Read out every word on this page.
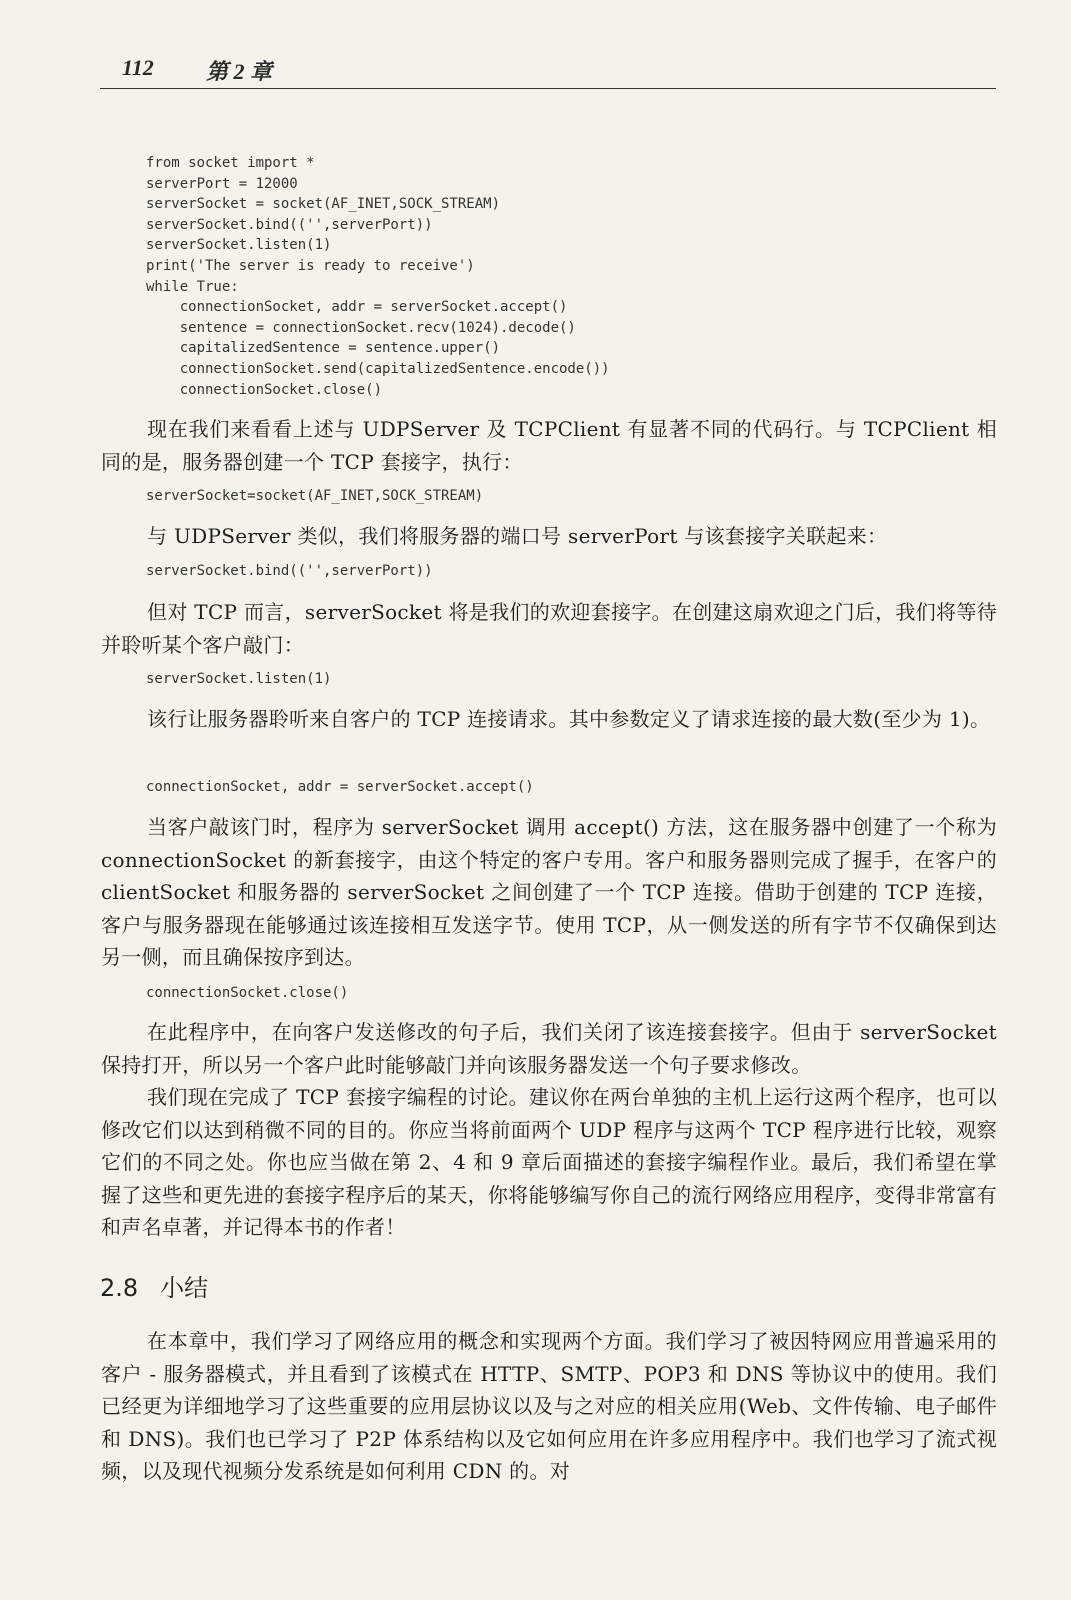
112 第 2 章
from socket import *
serverPort = 12000
serverSocket = socket(AF_INET,SOCK_STREAM)
serverSocket.bind(('',serverPort))
serverSocket.listen(1)
print('The server is ready to receive')
while True:
connectionSocket, addr = serverSocket.accept()
sentence = connectionSocket.recv(1024).decode()
capitalizedSentence = sentence.upper()
connectionSocket.send(capitalizedSentence.encode())
connectionSocket.close()

现在我们来看看上述与 UDPServer 及 TCPClient 有显著不同的代码行。与 TCPClient 相同的是，服务器创建一个 TCP 套接字，执行：

serverSocket=socket(AF_INET,SOCK_STREAM)

与 UDPServer 类似，我们将服务器的端口号 serverPort 与该套接字关联起来：

serverSocket.bind(('',serverPort))

但对 TCP 而言，serverSocket 将是我们的欢迎套接字。在创建这扇欢迎之门后，我们将等待并聆听某个客户敲门：

serverSocket.listen(1)

该行让服务器聆听来自客户的 TCP 连接请求。其中参数定义了请求连接的最大数(至少为 1)。

connectionSocket, addr = serverSocket.accept()

当客户敲该门时，程序为 serverSocket 调用 accept() 方法，这在服务器中创建了一个称为 connectionSocket 的新套接字，由这个特定的客户专用。客户和服务器则完成了握手，在客户的 clientSocket 和服务器的 serverSocket 之间创建了一个 TCP 连接。借助于创建的 TCP 连接，客户与服务器现在能够通过该连接相互发送字节。使用 TCP，从一侧发送的所有字节不仅确保到达另一侧，而且确保按序到达。

connectionSocket.close()

在此程序中，在向客户发送修改的句子后，我们关闭了该连接套接字。但由于 serverSocket 保持打开，所以另一个客户此时能够敲门并向该服务器发送一个句子要求修改。

我们现在完成了 TCP 套接字编程的讨论。建议你在两台单独的主机上运行这两个程序，也可以修改它们以达到稍微不同的目的。你应当将前面两个 UDP 程序与这两个 TCP 程序进行比较，观察它们的不同之处。你也应当做在第 2、4 和 9 章后面描述的套接字编程作业。最后，我们希望在掌握了这些和更先进的套接字程序后的某天，你将能够编写你自己的流行网络应用程序，变得非常富有和声名卓著，并记得本书的作者！

2.8 小结

在本章中，我们学习了网络应用的概念和实现两个方面。我们学习了被因特网应用普遍采用的客户 - 服务器模式，并且看到了该模式在 HTTP、SMTP、POP3 和 DNS 等协议中的使用。我们已经更为详细地学习了这些重要的应用层协议以及与之对应的相关应用(Web、文件传输、电子邮件和 DNS)。我们也已学习了 P2P 体系结构以及它如何应用在许多应用程序中。我们也学习了流式视频，以及现代视频分发系统是如何利用 CDN 的。对
